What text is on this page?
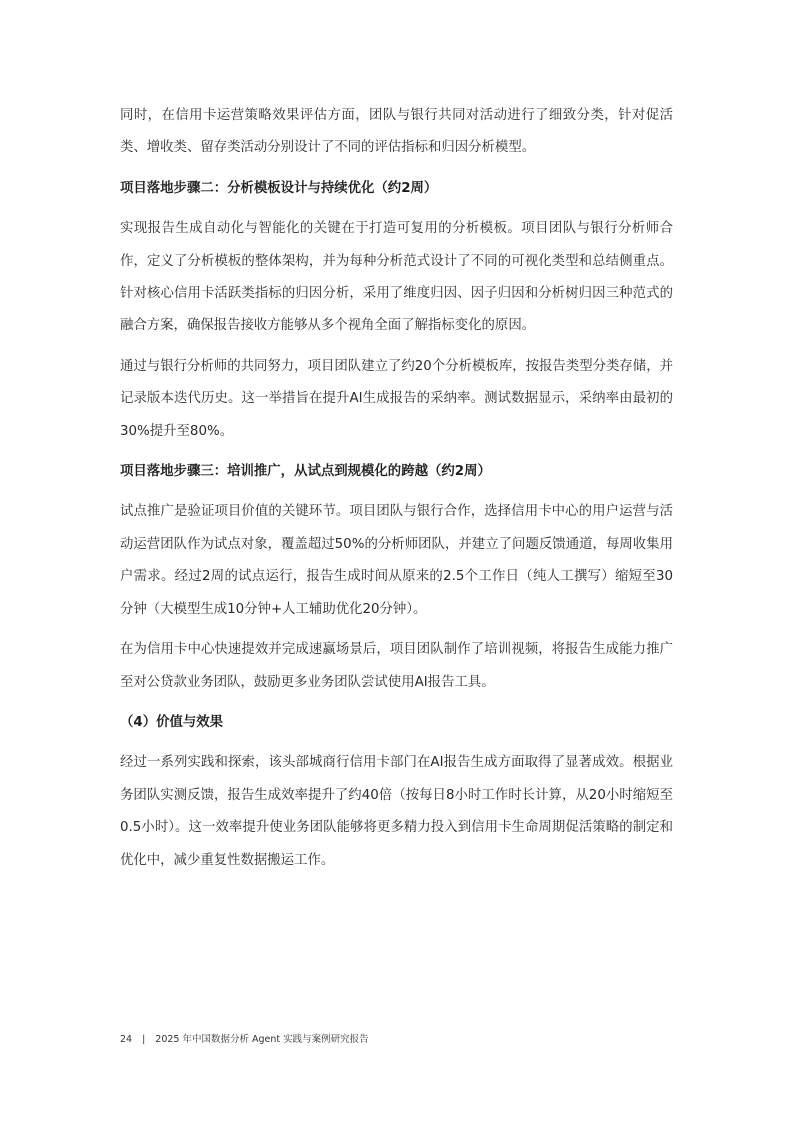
同时，在信用卡运营策略效果评估方面，团队与银行共同对活动进行了细致分类，针对促活类、增收类、留存类活动分别设计了不同的评估指标和归因分析模型。

项目落地步骤二：分析模板设计与持续优化（约2周）

实现报告生成自动化与智能化的关键在于打造可复用的分析模板。项目团队与银行分析师合作，定义了分析模板的整体架构，并为每种分析范式设计了不同的可视化类型和总结侧重点。针对核心信用卡活跃类指标的归因分析，采用了维度归因、因子归因和分析树归因三种范式的融合方案，确保报告接收方能够从多个视角全面了解指标变化的原因。

通过与银行分析师的共同努力，项目团队建立了约20个分析模板库，按报告类型分类存储，并记录版本迭代历史。这一举措旨在提升AI生成报告的采纳率。测试数据显示，采纳率由最初的30%提升至80%。

项目落地步骤三：培训推广，从试点到规模化的跨越（约2周）

试点推广是验证项目价值的关键环节。项目团队与银行合作，选择信用卡中心的用户运营与活动运营团队作为试点对象，覆盖超过50%的分析师团队，并建立了问题反馈通道，每周收集用户需求。经过2周的试点运行，报告生成时间从原来的2.5个工作日（纯人工撰写）缩短至30分钟（大模型生成10分钟+人工辅助优化20分钟）。

在为信用卡中心快速提效并完成速赢场景后，项目团队制作了培训视频，将报告生成能力推广至对公贷款业务团队，鼓励更多业务团队尝试使用AI报告工具。

（4）价值与效果

经过一系列实践和探索，该头部城商行信用卡部门在AI报告生成方面取得了显著成效。根据业务团队实测反馈，报告生成效率提升了约40倍（按每日8小时工作时长计算，从20小时缩短至0.5小时）。这一效率提升使业务团队能够将更多精力投入到信用卡生命周期促活策略的制定和优化中，减少重复性数据搬运工作。

24 | 2025 年中国数据分析 Agent 实践与案例研究报告
